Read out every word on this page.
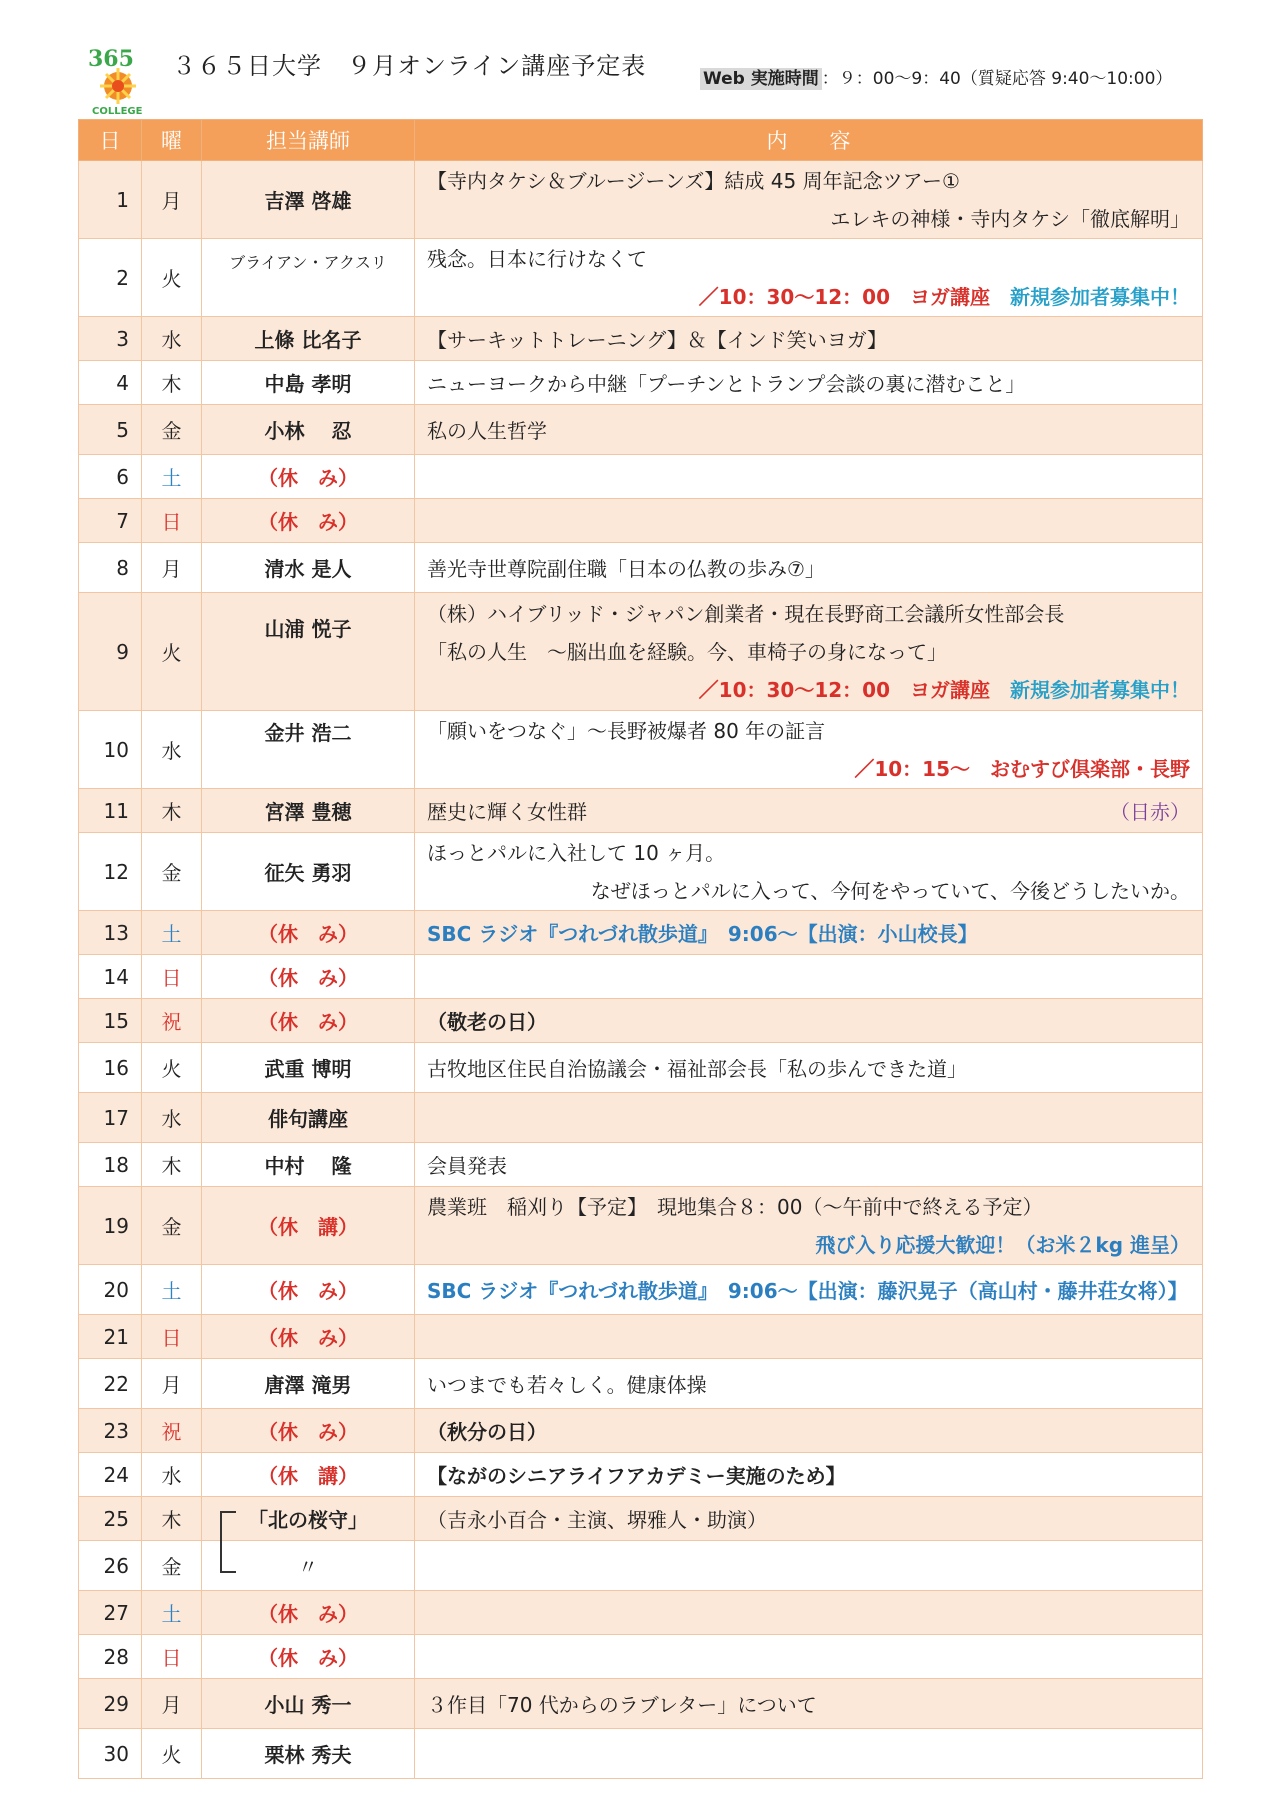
365
COLLEGE
３６５日大学　９月オンライン講座予定表	Web 実施時間 ：９：00～9：40（質疑応答 9:40～10:00）
日	曜	担当講師	内　　容
1	月	吉澤 啓雄	【寺内タケシ＆ブルージーンズ】結成 45 周年記念ツアー①
エレキの神様・寺内タケシ「徹底解明」

2	火	ブライアン・アクスリ	残念。日本に行けなくて
／10：30～12：00　ヨガ講座　 新規参加者募集中！

3	水	上條 比名子	【サーキットトレーニング】＆【インド笑いヨガ】
4	木	中島 孝明	ニューヨークから中継「プーチンとトランプ会談の裏に潜むこと」
5	金	小林　 忍	私の人生哲学
6	土	（休　み）	
7	日	（休　み）	
8	月	清水 是人	善光寺世尊院副住職「日本の仏教の歩み⑦」
9	火	山浦 悦子	（株）ハイブリッド・ジャパン創業者・現在長野商工会議所女性部会長
「私の人生　～脳出血を経験。今、車椅子の身になって」
／10：30～12：00　ヨガ講座　 新規参加者募集中！

10	水	金井 浩二	「願いをつなぐ」～長野被爆者 80 年の証言
／10：15～　おむすび倶楽部・長野

11	木	宮澤 豊穂	歴史に輝く女性群 （日赤）

12	金	征矢 勇羽	ほっとパルに入社して 10 ヶ月。
なぜほっとパルに入って、今何をやっていて、今後どうしたいか。

13	土	（休　み）	SBC ラジオ『つれづれ散歩道』　9:06～【出演：小山校長】
14	日	（休　み）	
15	祝	（休　み）	（敬老の日）
16	火	武重 博明	古牧地区住民自治協議会・福祉部会長「私の歩んできた道」
17	水	俳句講座	
18	木	中村　 隆	会員発表
19	金	（休　講）	農業班　稲刈り【予定】　現地集合８：00（～午前中で終える予定）
飛び入り応援大歓迎！（お米２kg 進呈）

20	土	（休　み）	SBC ラジオ『つれづれ散歩道』　9:06～【出演：藤沢晃子（高山村・藤井荘女将）】
21	日	（休　み）	
22	月	唐澤 滝男	いつまでも若々しく。健康体操
23	祝	（休　み）	（秋分の日）
24	水	（休　講）	【ながのシニアライフアカデミー実施のため】
25	木	「北の桜守」	（吉永小百合・主演、堺雅人・助演）
26	金	〃	
27	土	（休　み）	
28	日	（休　み）	
29	月	小山 秀一	３作目「70 代からのラブレター」について
30	火	栗林 秀夫	
